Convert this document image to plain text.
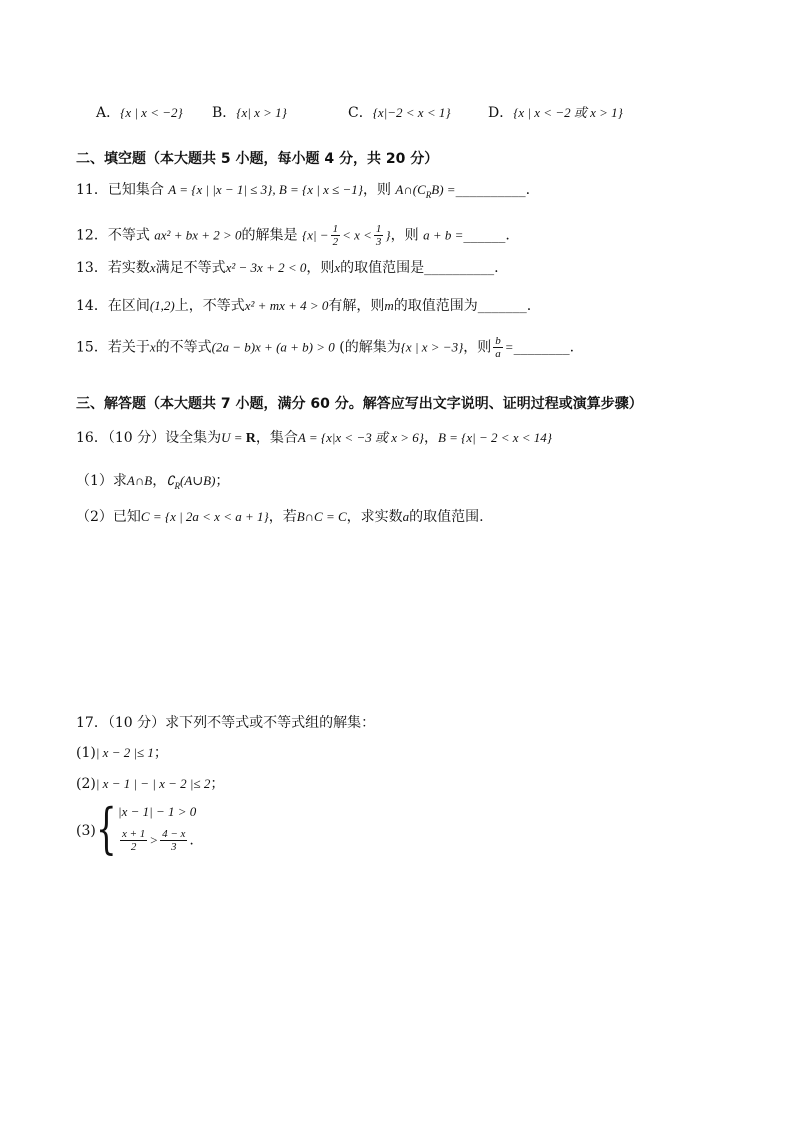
A．{x | x < −2} B．{x| x > 1}	C．{x|−2 < x < 1}	D．{x | x < −2 或 x > 1}
二、填空题（本大题共 5 小题，每小题 4 分，共 20 分）
11．已知集合 A = {x | |x − 1| ≤ 3}, B = {x | x ≤ −1}，则 $A\cap(C_RB)$ =__________.
12．不等式 ax² + bx + 2 > 0的解集是 {$x| - \frac{1}{2} < x < \frac{1}{3}$ }，则 a + b =______.
13．若实数x满足不等式x² − 3x + 2 < 0，则x的取值范围是__________.
14．在区间(1,2)上，不等式x² + mx + 4 > 0有解，则m的取值范围为_______.
15．若关于x的不等式(2a − b)x + (a + b) > 0 (的解集为{x | x > −3}，则 $\frac{b}{a}$ =________.
三、解答题（本大题共 7 小题，满分 60 分。解答应写出文字说明、证明过程或演算步骤）
16．（10 分）设全集为U = R，集合A = {x|x < −3 或 x > 6}，B = {x| − 2 < x < 14}
（1）求A∩B，$∁_R(A\cup B)$；
（2）已知C = {x | 2a < x < a + 1}，若B∩C = C，求实数a的取值范围.
17．（10 分）求下列不等式或不等式组的解集：
(1)| x − 2 |≤ 1；
(2)| x − 1 | − | x − 2 |≤ 2；
(3) { |x − 1| − 1 > 0
$\frac{x + 1}{2} > \frac{4 - x}{3}$ .
